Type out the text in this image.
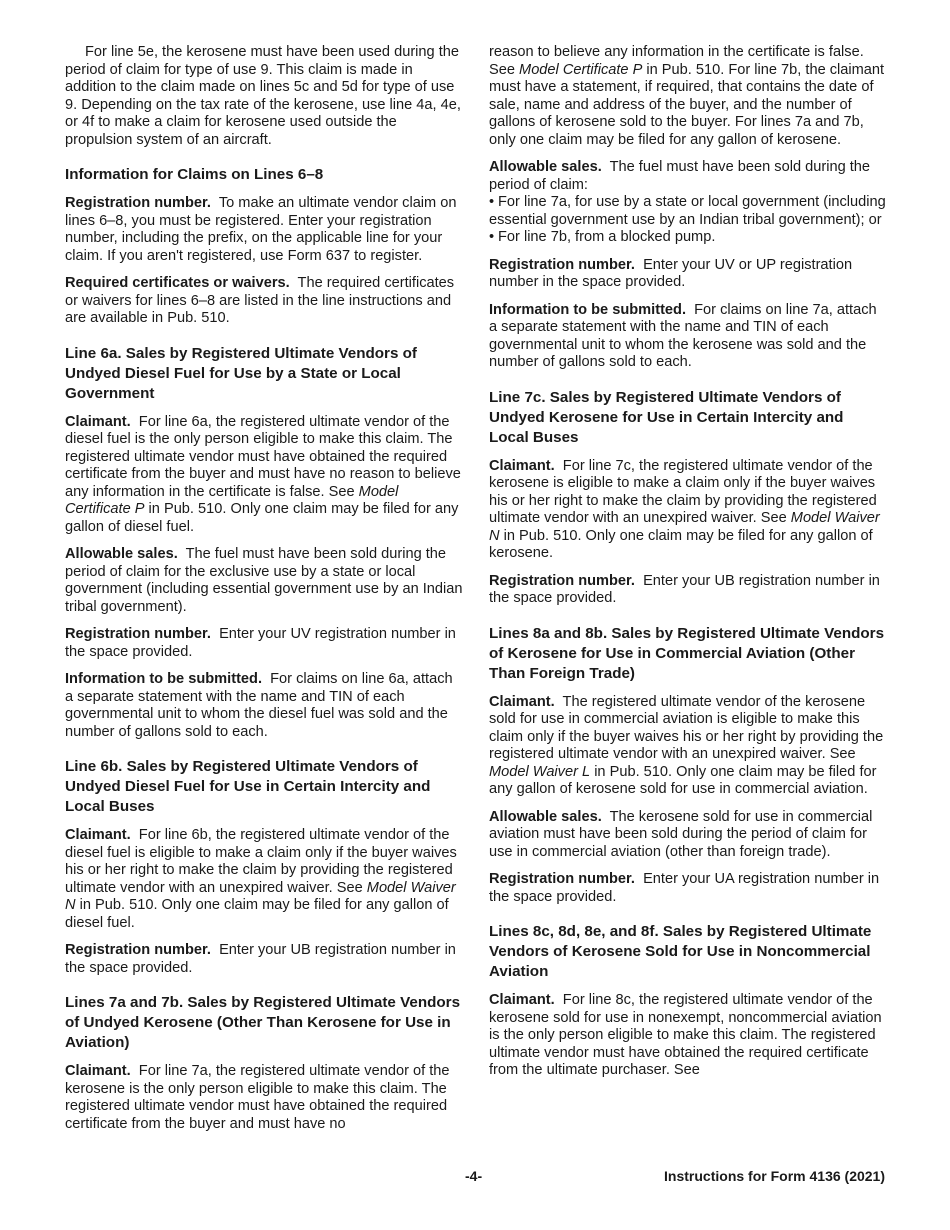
For line 5e, the kerosene must have been used during the period of claim for type of use 9. This claim is made in addition to the claim made on lines 5c and 5d for type of use 9. Depending on the tax rate of the kerosene, use line 4a, 4e, or 4f to make a claim for kerosene used outside the propulsion system of an aircraft.

Information for Claims on Lines 6–8

Registration number. To make an ultimate vendor claim on lines 6–8, you must be registered. Enter your registration number, including the prefix, on the applicable line for your claim. If you aren't registered, use Form 637 to register.

Required certificates or waivers. The required certificates or waivers for lines 6–8 are listed in the line instructions and are available in Pub. 510.

Line 6a. Sales by Registered Ultimate Vendors of Undyed Diesel Fuel for Use by a State or Local Government

Claimant. For line 6a, the registered ultimate vendor of the diesel fuel is the only person eligible to make this claim. The registered ultimate vendor must have obtained the required certificate from the buyer and must have no reason to believe any information in the certificate is false. See Model Certificate P in Pub. 510. Only one claim may be filed for any gallon of diesel fuel.

Allowable sales. The fuel must have been sold during the period of claim for the exclusive use by a state or local government (including essential government use by an Indian tribal government).

Registration number. Enter your UV registration number in the space provided.

Information to be submitted. For claims on line 6a, attach a separate statement with the name and TIN of each governmental unit to whom the diesel fuel was sold and the number of gallons sold to each.

Line 6b. Sales by Registered Ultimate Vendors of Undyed Diesel Fuel for Use in Certain Intercity and Local Buses

Claimant. For line 6b, the registered ultimate vendor of the diesel fuel is eligible to make a claim only if the buyer waives his or her right to make the claim by providing the registered ultimate vendor with an unexpired waiver. See Model Waiver N in Pub. 510. Only one claim may be filed for any gallon of diesel fuel.

Registration number. Enter your UB registration number in the space provided.

Lines 7a and 7b. Sales by Registered Ultimate Vendors of Undyed Kerosene (Other Than Kerosene for Use in Aviation)

Claimant. For line 7a, the registered ultimate vendor of the kerosene is the only person eligible to make this claim. The registered ultimate vendor must have obtained the required certificate from the buyer and must have no

reason to believe any information in the certificate is false. See Model Certificate P in Pub. 510. For line 7b, the claimant must have a statement, if required, that contains the date of sale, name and address of the buyer, and the number of gallons of kerosene sold to the buyer. For lines 7a and 7b, only one claim may be filed for any gallon of kerosene.

Allowable sales. The fuel must have been sold during the period of claim:

• For line 7a, for use by a state or local government (including essential government use by an Indian tribal government); or

• For line 7b, from a blocked pump.

Registration number. Enter your UV or UP registration number in the space provided.

Information to be submitted. For claims on line 7a, attach a separate statement with the name and TIN of each governmental unit to whom the kerosene was sold and the number of gallons sold to each.

Line 7c. Sales by Registered Ultimate Vendors of Undyed Kerosene for Use in Certain Intercity and Local Buses

Claimant. For line 7c, the registered ultimate vendor of the kerosene is eligible to make a claim only if the buyer waives his or her right to make the claim by providing the registered ultimate vendor with an unexpired waiver. See Model Waiver N in Pub. 510. Only one claim may be filed for any gallon of kerosene.

Registration number. Enter your UB registration number in the space provided.

Lines 8a and 8b. Sales by Registered Ultimate Vendors of Kerosene for Use in Commercial Aviation (Other Than Foreign Trade)

Claimant. The registered ultimate vendor of the kerosene sold for use in commercial aviation is eligible to make this claim only if the buyer waives his or her right by providing the registered ultimate vendor with an unexpired waiver. See Model Waiver L in Pub. 510. Only one claim may be filed for any gallon of kerosene sold for use in commercial aviation.

Allowable sales. The kerosene sold for use in commercial aviation must have been sold during the period of claim for use in commercial aviation (other than foreign trade).

Registration number. Enter your UA registration number in the space provided.

Lines 8c, 8d, 8e, and 8f. Sales by Registered Ultimate Vendors of Kerosene Sold for Use in Noncommercial Aviation

Claimant. For line 8c, the registered ultimate vendor of the kerosene sold for use in nonexempt, noncommercial aviation is the only person eligible to make this claim. The registered ultimate vendor must have obtained the required certificate from the ultimate purchaser. See

-4-	Instructions for Form 4136 (2021)
